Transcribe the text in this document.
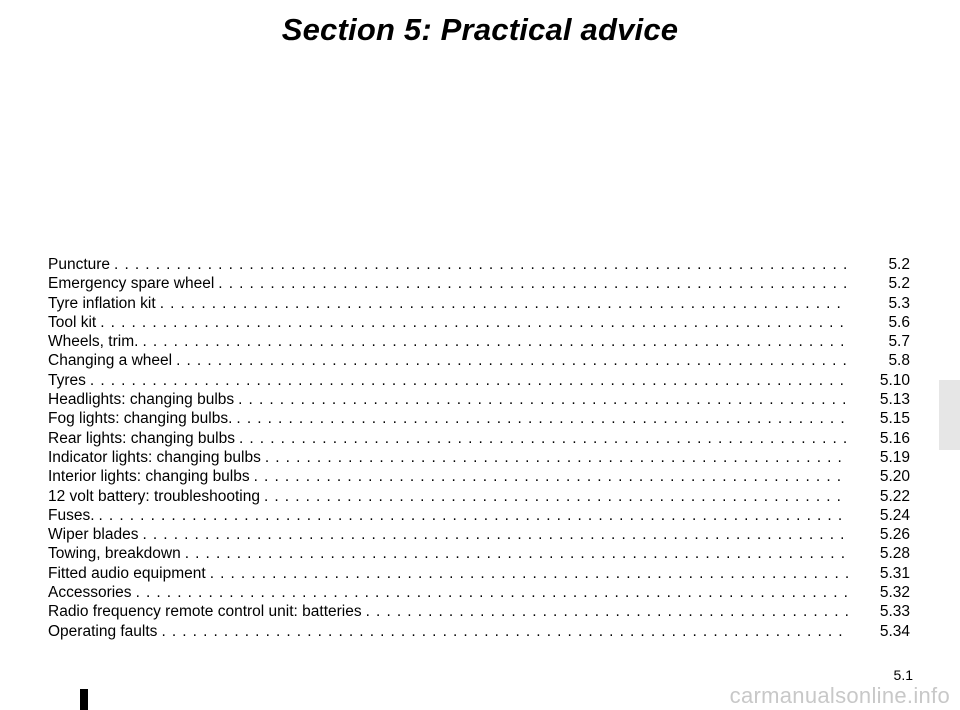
Section 5: Practical advice
Puncture . . .	5.2
Emergency spare wheel . . .	5.2
Tyre inflation kit . . .	5.3
Tool kit . . .	5.6
Wheels, trim. . . .	5.7
Changing a wheel . . .	5.8
Tyres . . .	5.10
Headlights: changing bulbs . . .	5.13
Fog lights: changing bulbs. . . .	5.15
Rear lights: changing bulbs . . .	5.16
Indicator lights: changing bulbs . . .	5.19
Interior lights: changing bulbs . . .	5.20
12 volt battery: troubleshooting . . .	5.22
Fuses. . . .	5.24
Wiper blades . . .	5.26
Towing, breakdown . . .	5.28
Fitted audio equipment . . .	5.31
Accessories . . .	5.32
Radio frequency remote control unit: batteries . . .	5.33
Operating faults . . .	5.34
5.1
carmanualsonline.info
